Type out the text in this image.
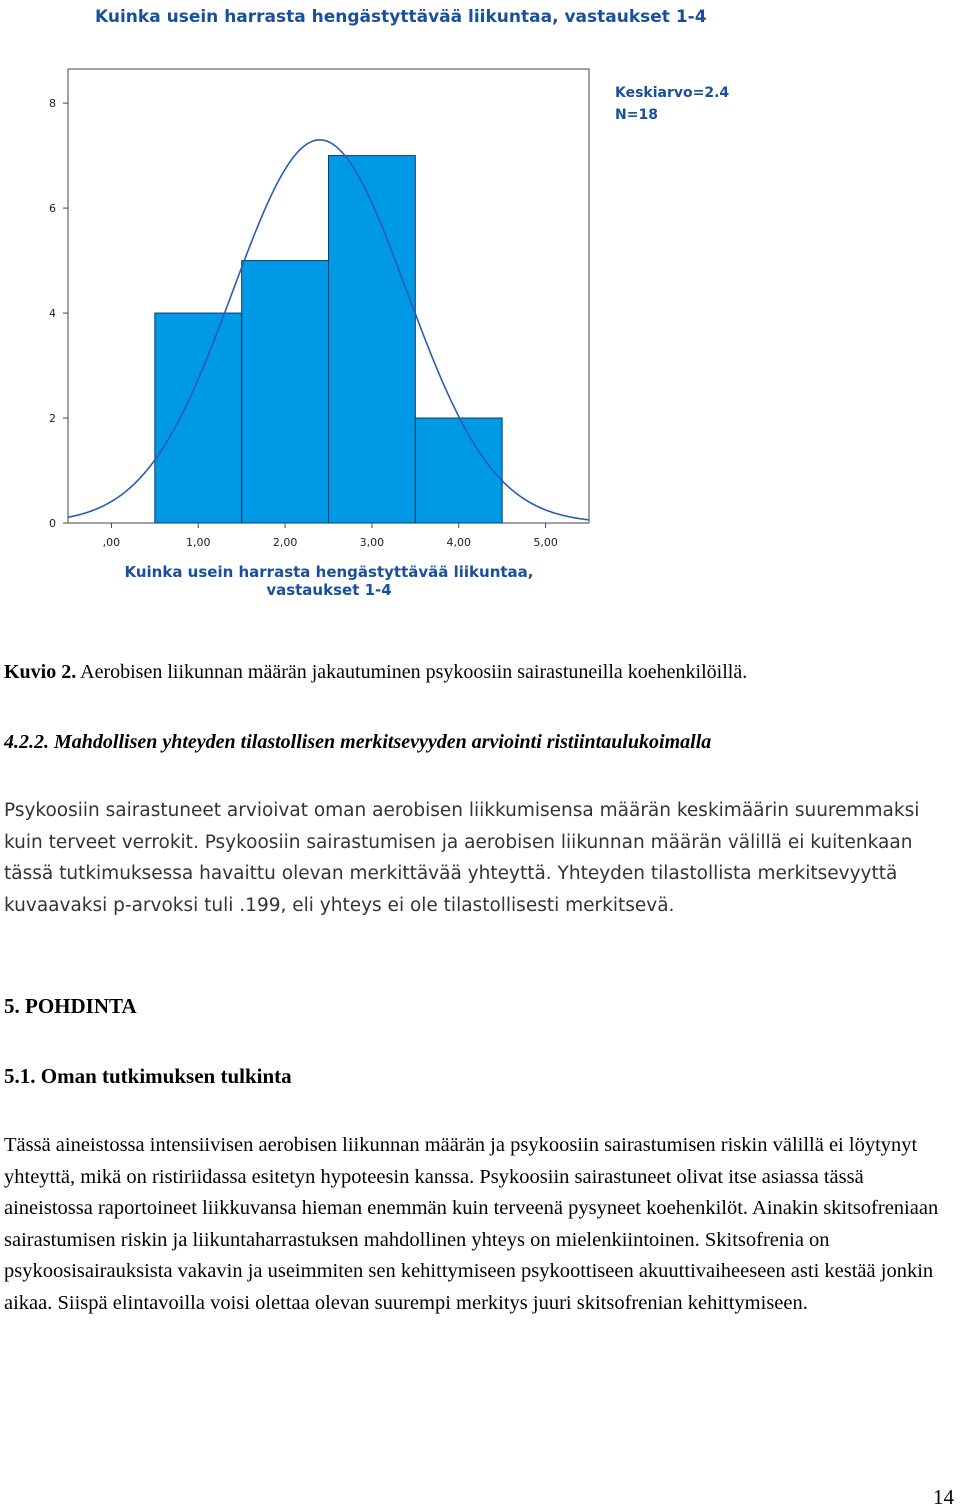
Kuinka usein harrasta hengästyttävää liikuntaa, vastaukset 1-4
0
2
4
6
8
,00	1,00	2,00	3,00	4,00	5,00
Keskiarvo=2.4
N=18
Kuinka usein harrasta hengästyttävää liikuntaa,
vastaukset 1-4
Kuvio 2. Aerobisen liikunnan määrän jakautuminen psykoosiin sairastuneilla koehenkilöillä.
4.2.2. Mahdollisen yhteyden tilastollisen merkitsevyyden arviointi ristiintaulukoimalla
Psykoosiin sairastuneet arvioivat oman aerobisen liikkumisensa määrän keskimäärin suuremmaksi kuin terveet verrokit. Psykoosiin sairastumisen ja aerobisen liikunnan määrän välillä ei kuitenkaan tässä tutkimuksessa havaittu olevan merkittävää yhteyttä. Yhteyden tilastollista merkitsevyyttä kuvaavaksi p-arvoksi tuli .199, eli yhteys ei ole tilastollisesti merkitsevä.
5. POHDINTA
5.1. Oman tutkimuksen tulkinta
Tässä aineistossa intensiivisen aerobisen liikunnan määrän ja psykoosiin sairastumisen riskin välillä ei löytynyt yhteyttä, mikä on ristiriidassa esitetyn hypoteesin kanssa. Psykoosiin sairastuneet olivat itse asiassa tässä aineistossa raportoineet liikkuvansa hieman enemmän kuin terveenä pysyneet koehenkilöt. Ainakin skitsofreniaan sairastumisen riskin ja liikuntaharrastuksen mahdollinen yhteys on mielenkiintoinen. Skitsofrenia on psykoosisairauksista vakavin ja useimmiten sen kehittymiseen psykoottiseen akuuttivaiheeseen asti kestää jonkin aikaa. Siispä elintavoilla voisi olettaa olevan suurempi merkitys juuri skitsofrenian kehittymiseen.
14
